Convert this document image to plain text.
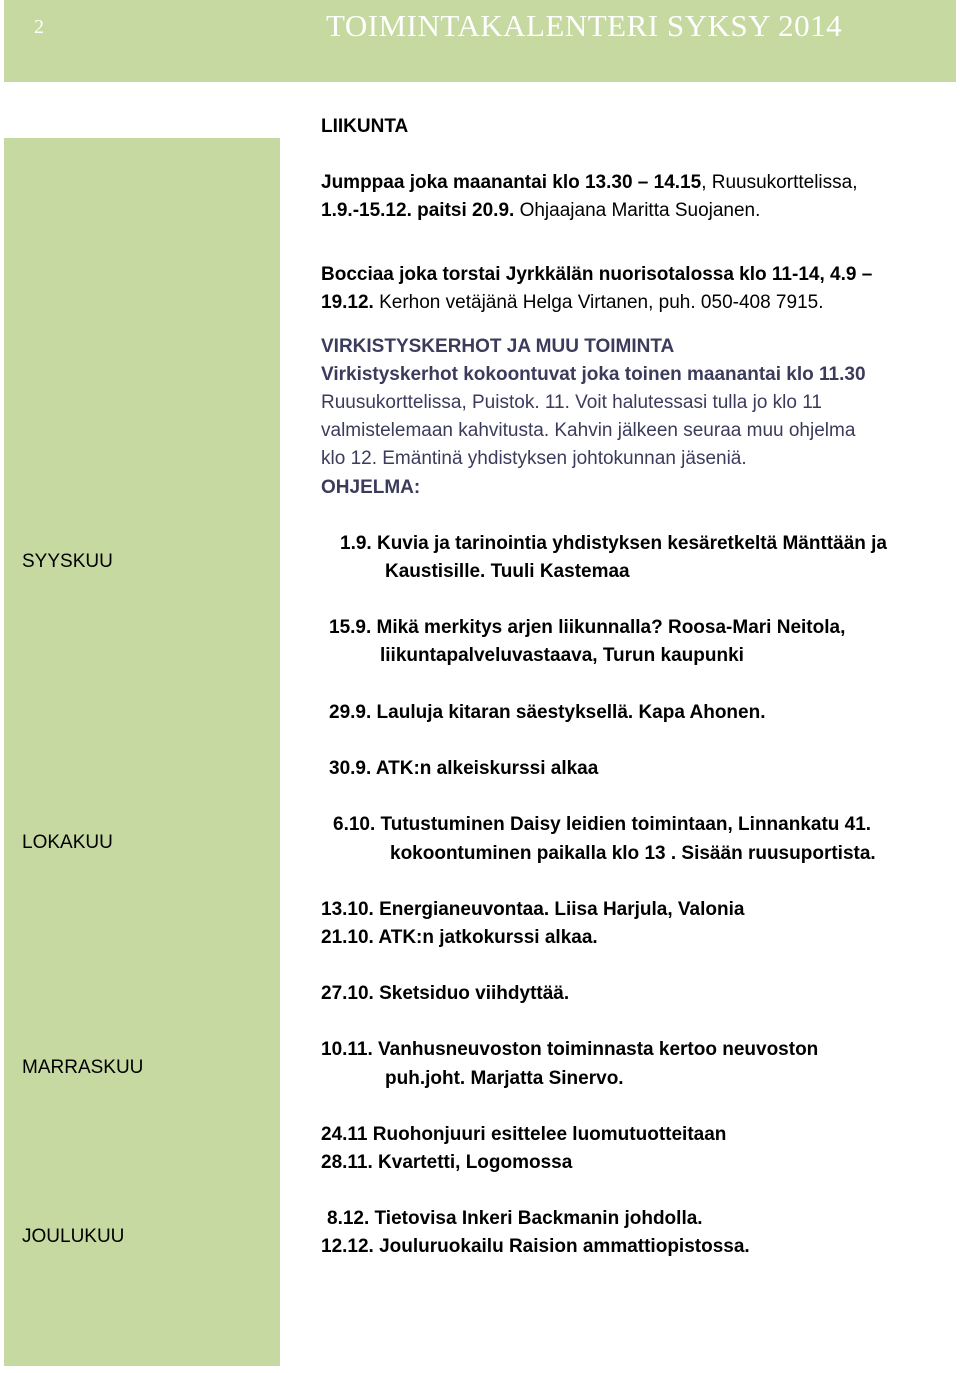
2	TOIMINTAKALENTERI SYKSY 2014
SYYSKUU
LOKAKUU
MARRASKUU
JOULUKUU
LIIKUNTA
Jumppaa joka maanantai klo 13.30 – 14.15, Ruusukorttelissa,
1.9.-15.12. paitsi 20.9. Ohjaajana Maritta Suojanen.
Bocciaa joka torstai Jyrkkälän nuorisotalossa klo 11-14, 4.9 –
19.12. Kerhon vetäjänä Helga Virtanen, puh. 050-408 7915.
VIRKISTYSKERHOT JA MUU TOIMINTA
Virkistyskerhot kokoontuvat joka toinen maanantai klo 11.30
Ruusukorttelissa, Puistok. 11. Voit halutessasi tulla jo klo 11
valmistelemaan kahvitusta. Kahvin jälkeen seuraa muu ohjelma
klo 12. Emäntinä yhdistyksen johtokunnan jäseniä.
OHJELMA:
1.9. Kuvia ja tarinointia yhdistyksen kesäretkeltä Mänttään ja
Kaustisille. Tuuli Kastemaa
15.9. Mikä merkitys arjen liikunnalla? Roosa-Mari Neitola,
liikuntapalveluvastaava, Turun kaupunki
29.9. Lauluja kitaran säestyksellä. Kapa Ahonen.
30.9. ATK:n alkeiskurssi alkaa
6.10. Tutustuminen Daisy leidien toimintaan, Linnankatu 41.
kokoontuminen paikalla klo 13 . Sisään ruusuportista.
13.10. Energianeuvontaa. Liisa Harjula, Valonia
21.10. ATK:n jatkokurssi alkaa.
27.10. Sketsiduo viihdyttää.
10.11. Vanhusneuvoston toiminnasta kertoo neuvoston
puh.joht. Marjatta Sinervo.
24.11 Ruohonjuuri esittelee luomutuotteitaan
28.11. Kvartetti, Logomossa
8.12. Tietovisa Inkeri Backmanin johdolla.
12.12. Jouluruokailu Raision ammattiopistossa.
